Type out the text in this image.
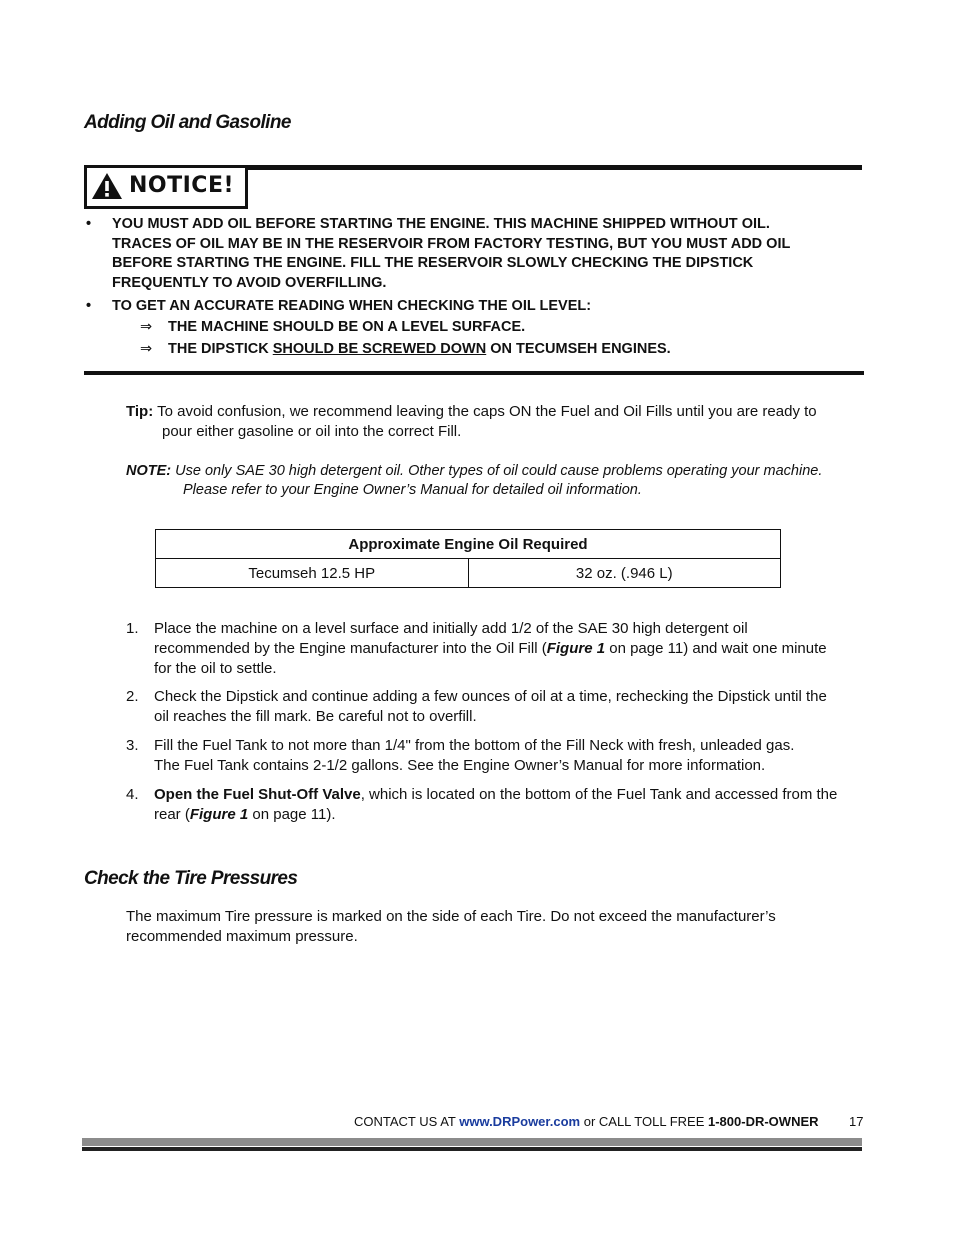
Adding Oil and Gasoline
NOTICE!
• YOU MUST ADD OIL BEFORE STARTING THE ENGINE. THIS MACHINE SHIPPED WITHOUT OIL.
TRACES OF OIL MAY BE IN THE RESERVOIR FROM FACTORY TESTING, BUT YOU MUST ADD OIL
BEFORE STARTING THE ENGINE. FILL THE RESERVOIR SLOWLY CHECKING THE DIPSTICK
FREQUENTLY TO AVOID OVERFILLING.
• TO GET AN ACCURATE READING WHEN CHECKING THE OIL LEVEL:
⇒ THE MACHINE SHOULD BE ON A LEVEL SURFACE.
⇒ THE DIPSTICK SHOULD BE SCREWED DOWN ON TECUMSEH ENGINES.
Tip: To avoid confusion, we recommend leaving the caps ON the Fuel and Oil Fills until you are ready to
pour either gasoline or oil into the correct Fill.
NOTE: Use only SAE 30 high detergent oil. Other types of oil could cause problems operating your machine.
Please refer to your Engine Owner’s Manual for detailed oil information.
Approximate Engine Oil Required
Tecumseh 12.5 HP	32 oz. (.946 L)
1. Place the machine on a level surface and initially add 1/2 of the SAE 30 high detergent oil
recommended by the Engine manufacturer into the Oil Fill (Figure 1 on page 11) and wait one minute
for the oil to settle.
2. Check the Dipstick and continue adding a few ounces of oil at a time, rechecking the Dipstick until the
oil reaches the fill mark. Be careful not to overfill.
3. Fill the Fuel Tank to not more than 1/4" from the bottom of the Fill Neck with fresh, unleaded gas.
The Fuel Tank contains 2-1/2 gallons. See the Engine Owner’s Manual for more information.
4. Open the Fuel Shut-Off Valve, which is located on the bottom of the Fuel Tank and accessed from the
rear (Figure 1 on page 11).
Check the Tire Pressures
The maximum Tire pressure is marked on the side of each Tire. Do not exceed the manufacturer’s
recommended maximum pressure.
CONTACT US AT www.DRPower.com or CALL TOLL FREE 1-800-DR-OWNER 17
